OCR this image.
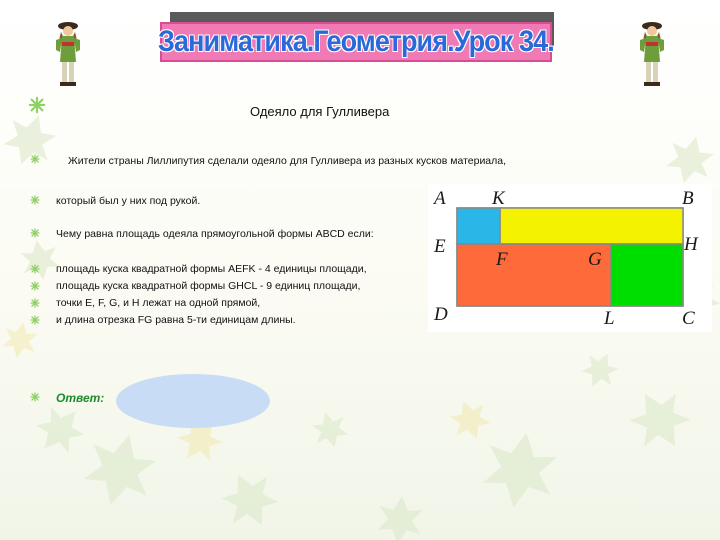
Заниматика.Геометрия.Урок 34.
Одеяло для Гулливера
Жители страны Лиллипутия сделали одеяло для Гулливера из разных кусков материала,
который был у них под рукой.
Чему равна площадь одеяла прямоугольной формы ABCD если:
площадь куска квадратной формы AEFK - 4 единицы площади,
площадь куска квадратной формы GHCL - 9 единиц площади,
точки E, F, G, и H лежат на одной прямой,
и длина отрезка FG равна 5-ти единицам длины.
Ответ:
A K	B
E	H
F	G
D	L	C
